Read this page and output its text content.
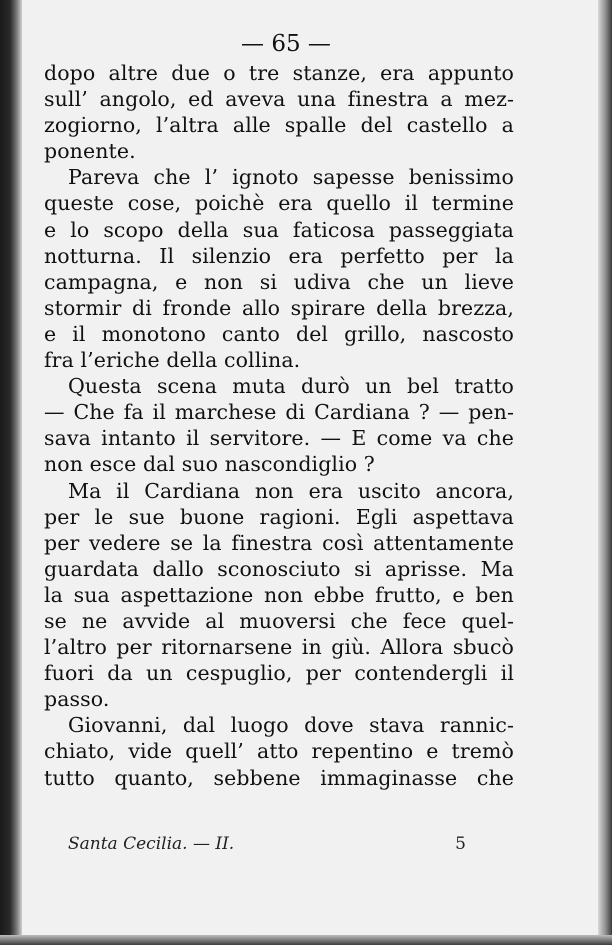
— 65 —
dopo altre due o tre stanze, era appunto
sull’ angolo, ed aveva una finestra a mez-
zogiorno, l’altra alle spalle del castello a
ponente.
Pareva che l’ ignoto sapesse benissimo
queste cose, poichè era quello il termine
e lo scopo della sua faticosa passeggiata
notturna. Il silenzio era perfetto per la
campagna, e non si udiva che un lieve
stormir di fronde allo spirare della brezza,
e il monotono canto del grillo, nascosto
fra l’eriche della collina.
Questa scena muta durò un bel tratto
— Che fa il marchese di Cardiana ? — pen-
sava intanto il servitore. — E come va che
non esce dal suo nascondiglio ?
Ma il Cardiana non era uscito ancora,
per le sue buone ragioni. Egli aspettava
per vedere se la finestra così attentamente
guardata dallo sconosciuto si aprisse. Ma
la sua aspettazione non ebbe frutto, e ben
se ne avvide al muoversi che fece quel-
l’altro per ritornarsene in giù. Allora sbucò
fuori da un cespuglio, per contendergli il
passo.
Giovanni, dal luogo dove stava rannic-
chiato, vide quell’ atto repentino e tremò
tutto quanto, sebbene immaginasse che
Santa Cecilia. — II.	5
